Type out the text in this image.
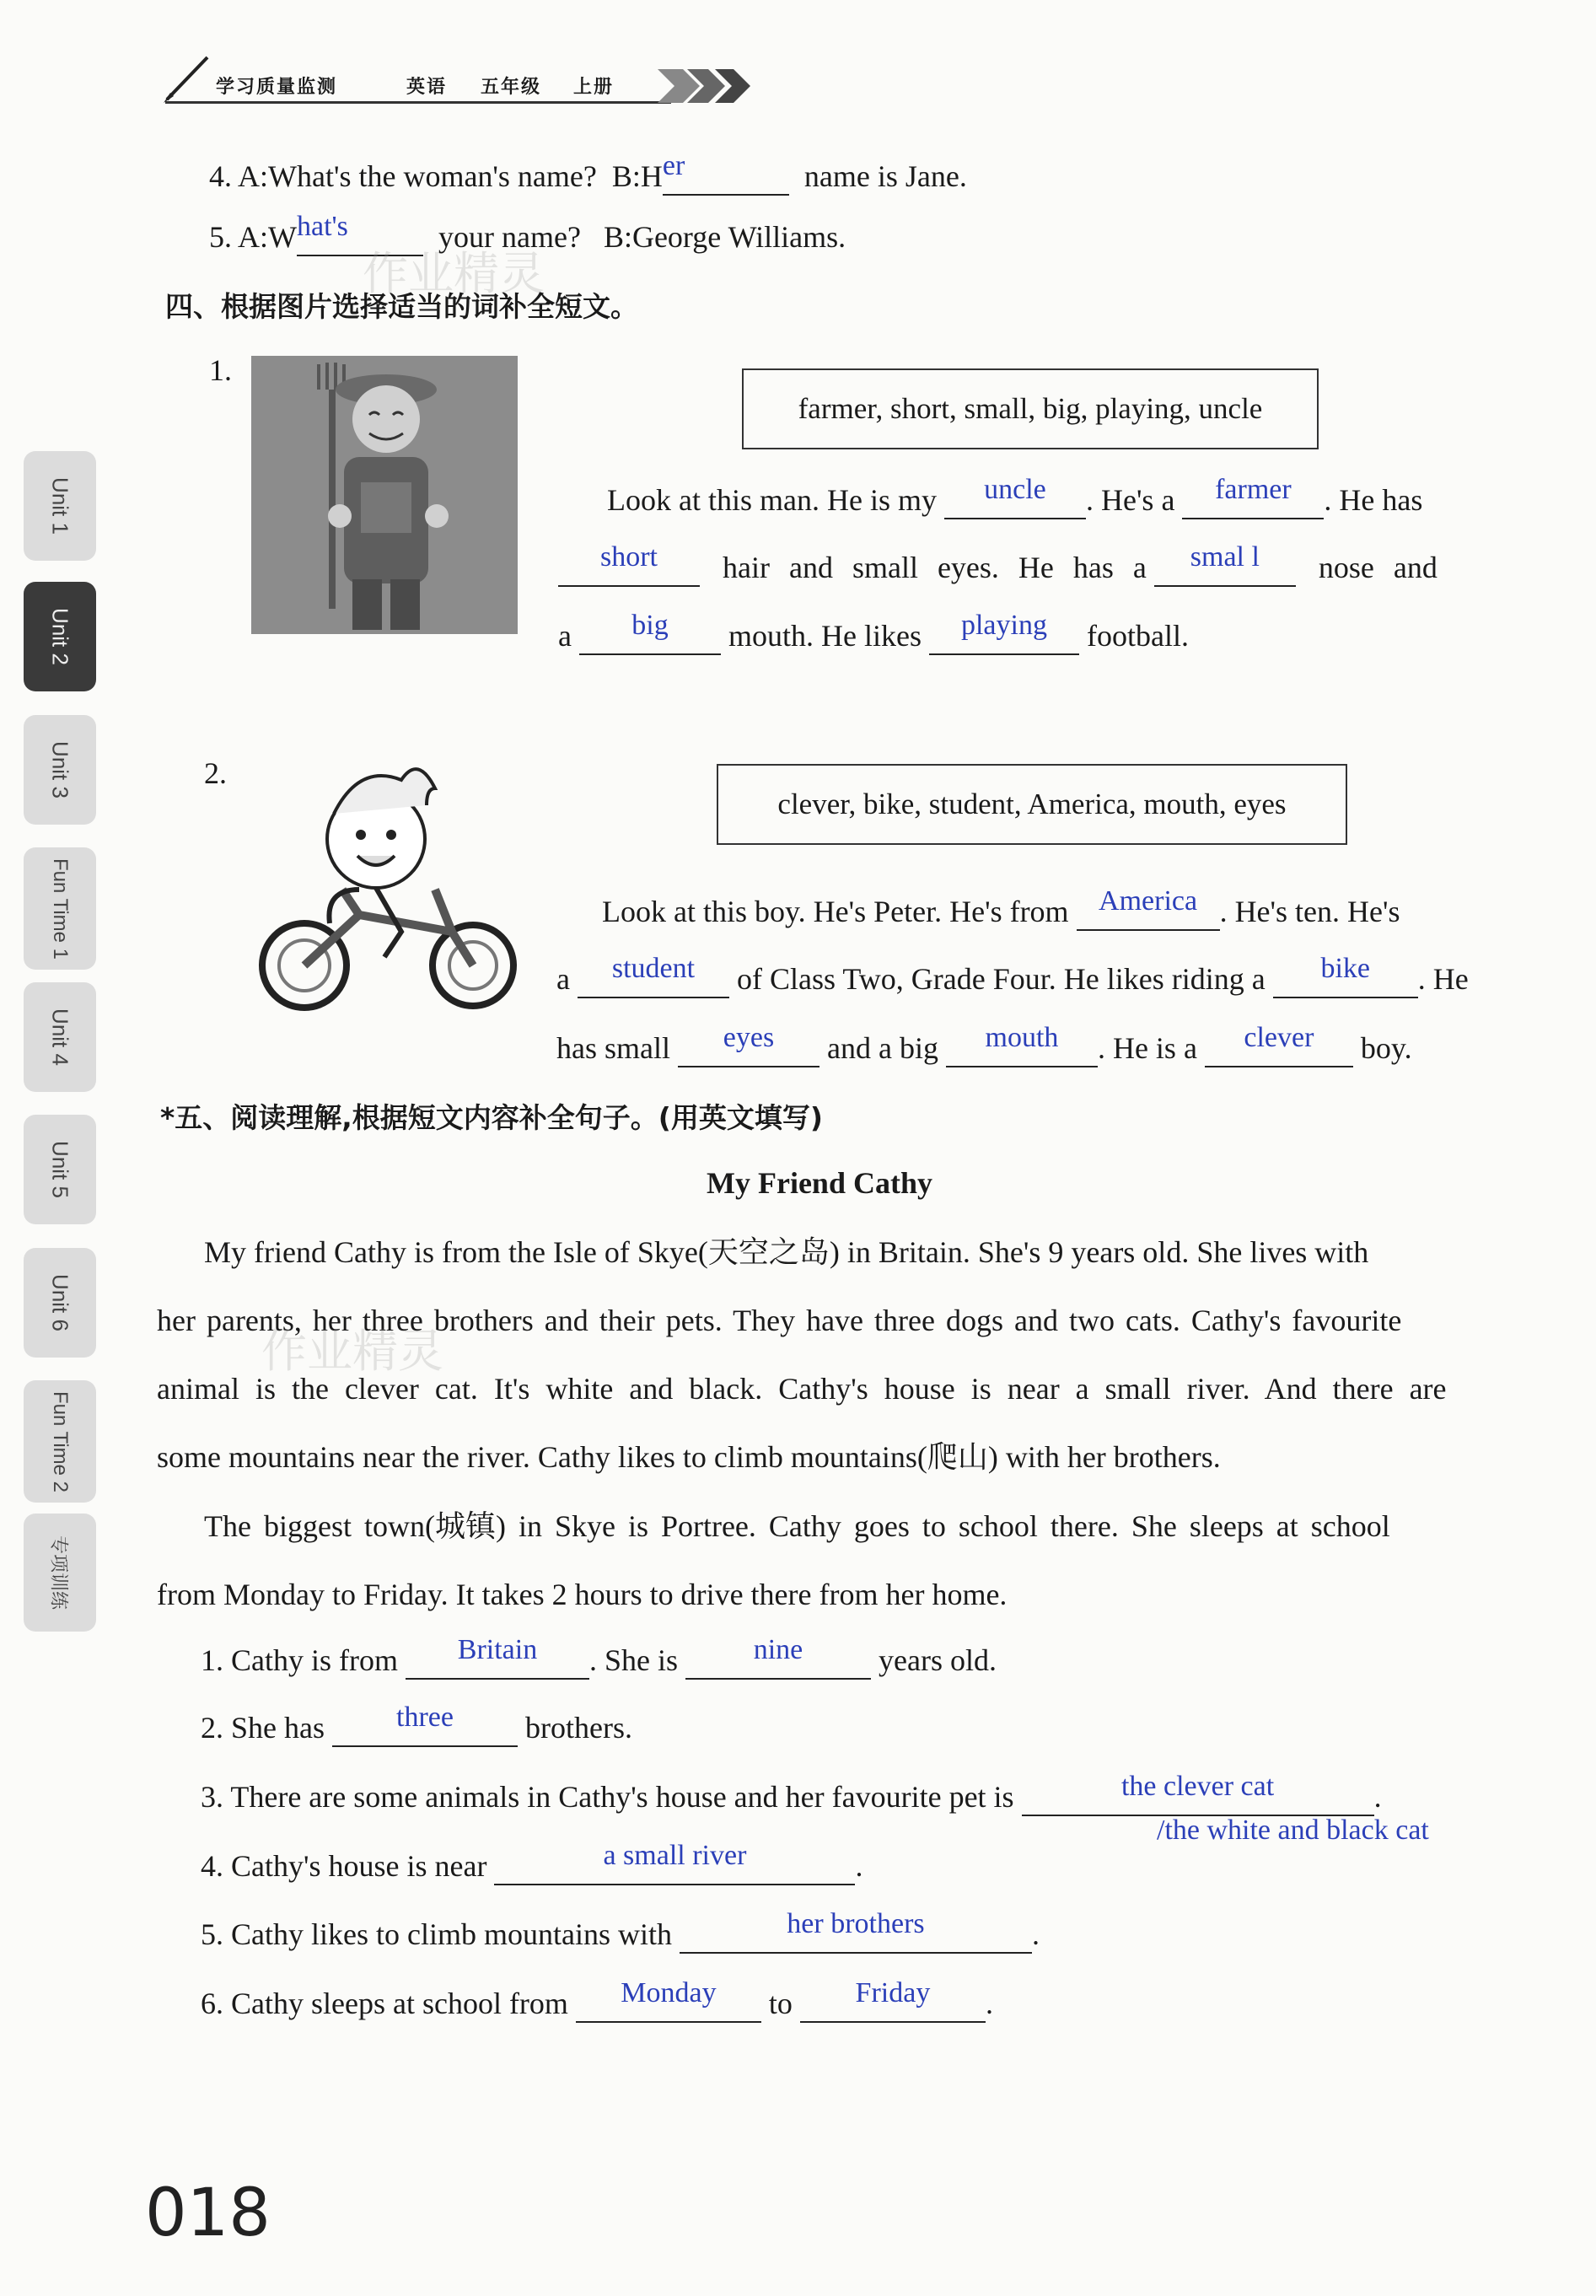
学习质量监测	英语 五年级 上册
Unit 1
Unit 2
Unit 3
Fun Time 1
Unit 4
Unit 5
Unit 6
Fun Time 2
专项训练
4. A:What's the woman's name? B:H er	name is Jane.
5. A:W hat's	your name? B:George Williams.
作业精灵
四、根据图片选择适当的词补全短文。
1.
farmer, short, small, big, playing, uncle
Look at this man. He is my	uncle	. He's a	farmer	. He has
short	hair and small eyes. He has a	smal l	nose and
a	big	mouth. He likes	playing	football.
2.
clever, bike, student, America, mouth, eyes
Look at this boy. He's Peter. He's from	America . He's ten. He's
a	student	of Class Two, Grade Four. He likes riding a	bike	. He
has small	eyes	and a big	mouth	. He is a	clever	boy.
*五、阅读理解,根据短文内容补全句子。(用英文填写)
My Friend Cathy
My friend Cathy is from the Isle of Skye(天空之岛) in Britain. She's 9 years old. She lives with
her parents, her three brothers and their pets. They have three dogs and two cats. Cathy's favourite
animal is the clever cat. It's white and black. Cathy's house is near a small river. And there are
some mountains near the river. Cathy likes to climb mountains(爬山) with her brothers.
作业精灵
The biggest town(城镇) in Skye is Portree. Cathy goes to school there. She sleeps at school
from Monday to Friday. It takes 2 hours to drive there from her home.
1. Cathy is from	Britain	. She is	nine	years old.
2. She has	three	brothers.
3. There are some animals in Cathy's house and her favourite pet is	the clever cat	.
/the white and black cat
4. Cathy's house is near	a small river	.
5. Cathy likes to climb mountains with	her brothers	.
6. Cathy sleeps at school from	Monday	to	Friday	.
018
